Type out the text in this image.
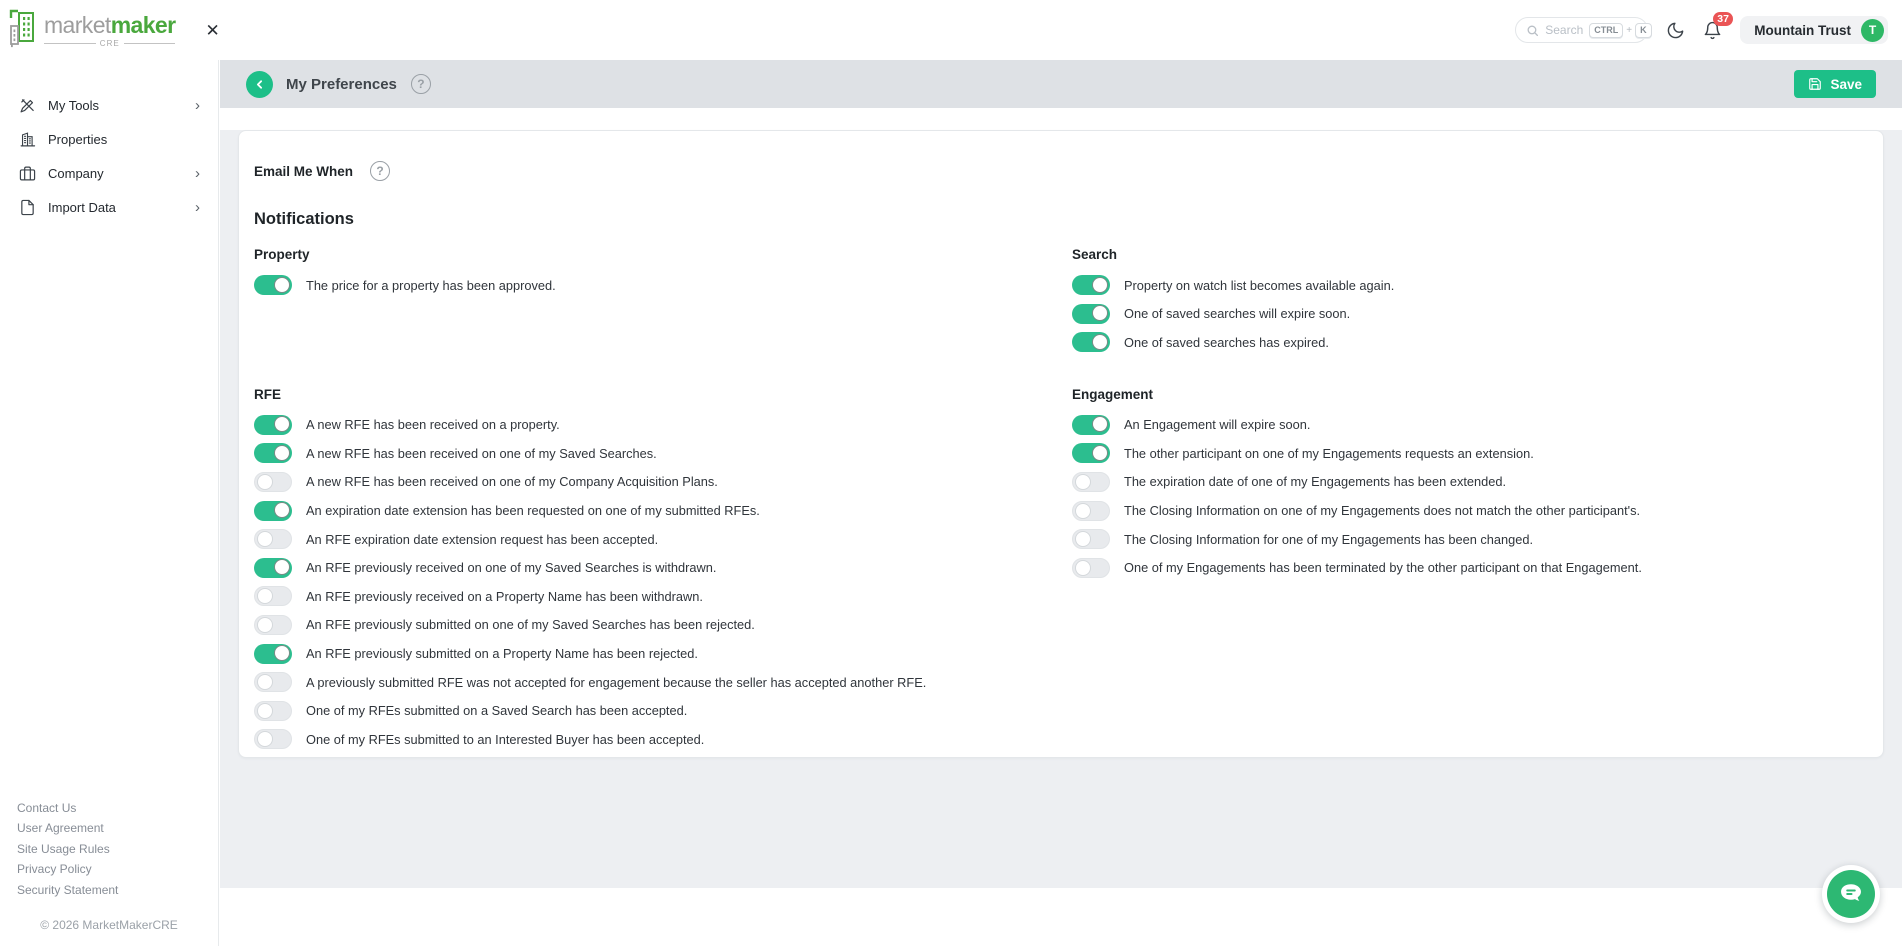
marketmaker
CRE
✕	Search	CTRL + K
37
Mountain Trust	T
My Tools	›
Properties
Company	›
Import Data	›
Contact Us
User Agreement
Site Usage Rules
Privacy Policy
Security Statement
© 2026 MarketMakerCRE
My Preferences	?	Save
Email Me When	?
Notifications
Property
The price for a property has been approved.
Search
Property on watch list becomes available again.
One of saved searches will expire soon.
One of saved searches has expired.
RFE
A new RFE has been received on a property.
A new RFE has been received on one of my Saved Searches.
A new RFE has been received on one of my Company Acquisition Plans.
An expiration date extension has been requested on one of my submitted RFEs.
An RFE expiration date extension request has been accepted.
An RFE previously received on one of my Saved Searches is withdrawn.
An RFE previously received on a Property Name has been withdrawn.
An RFE previously submitted on one of my Saved Searches has been rejected.
An RFE previously submitted on a Property Name has been rejected.
A previously submitted RFE was not accepted for engagement because the seller has accepted another RFE.
One of my RFEs submitted on a Saved Search has been accepted.
One of my RFEs submitted to an Interested Buyer has been accepted.
Engagement
An Engagement will expire soon.
The other participant on one of my Engagements requests an extension.
The expiration date of one of my Engagements has been extended.
The Closing Information on one of my Engagements does not match the other participant's.
The Closing Information for one of my Engagements has been changed.
One of my Engagements has been terminated by the other participant on that Engagement.
